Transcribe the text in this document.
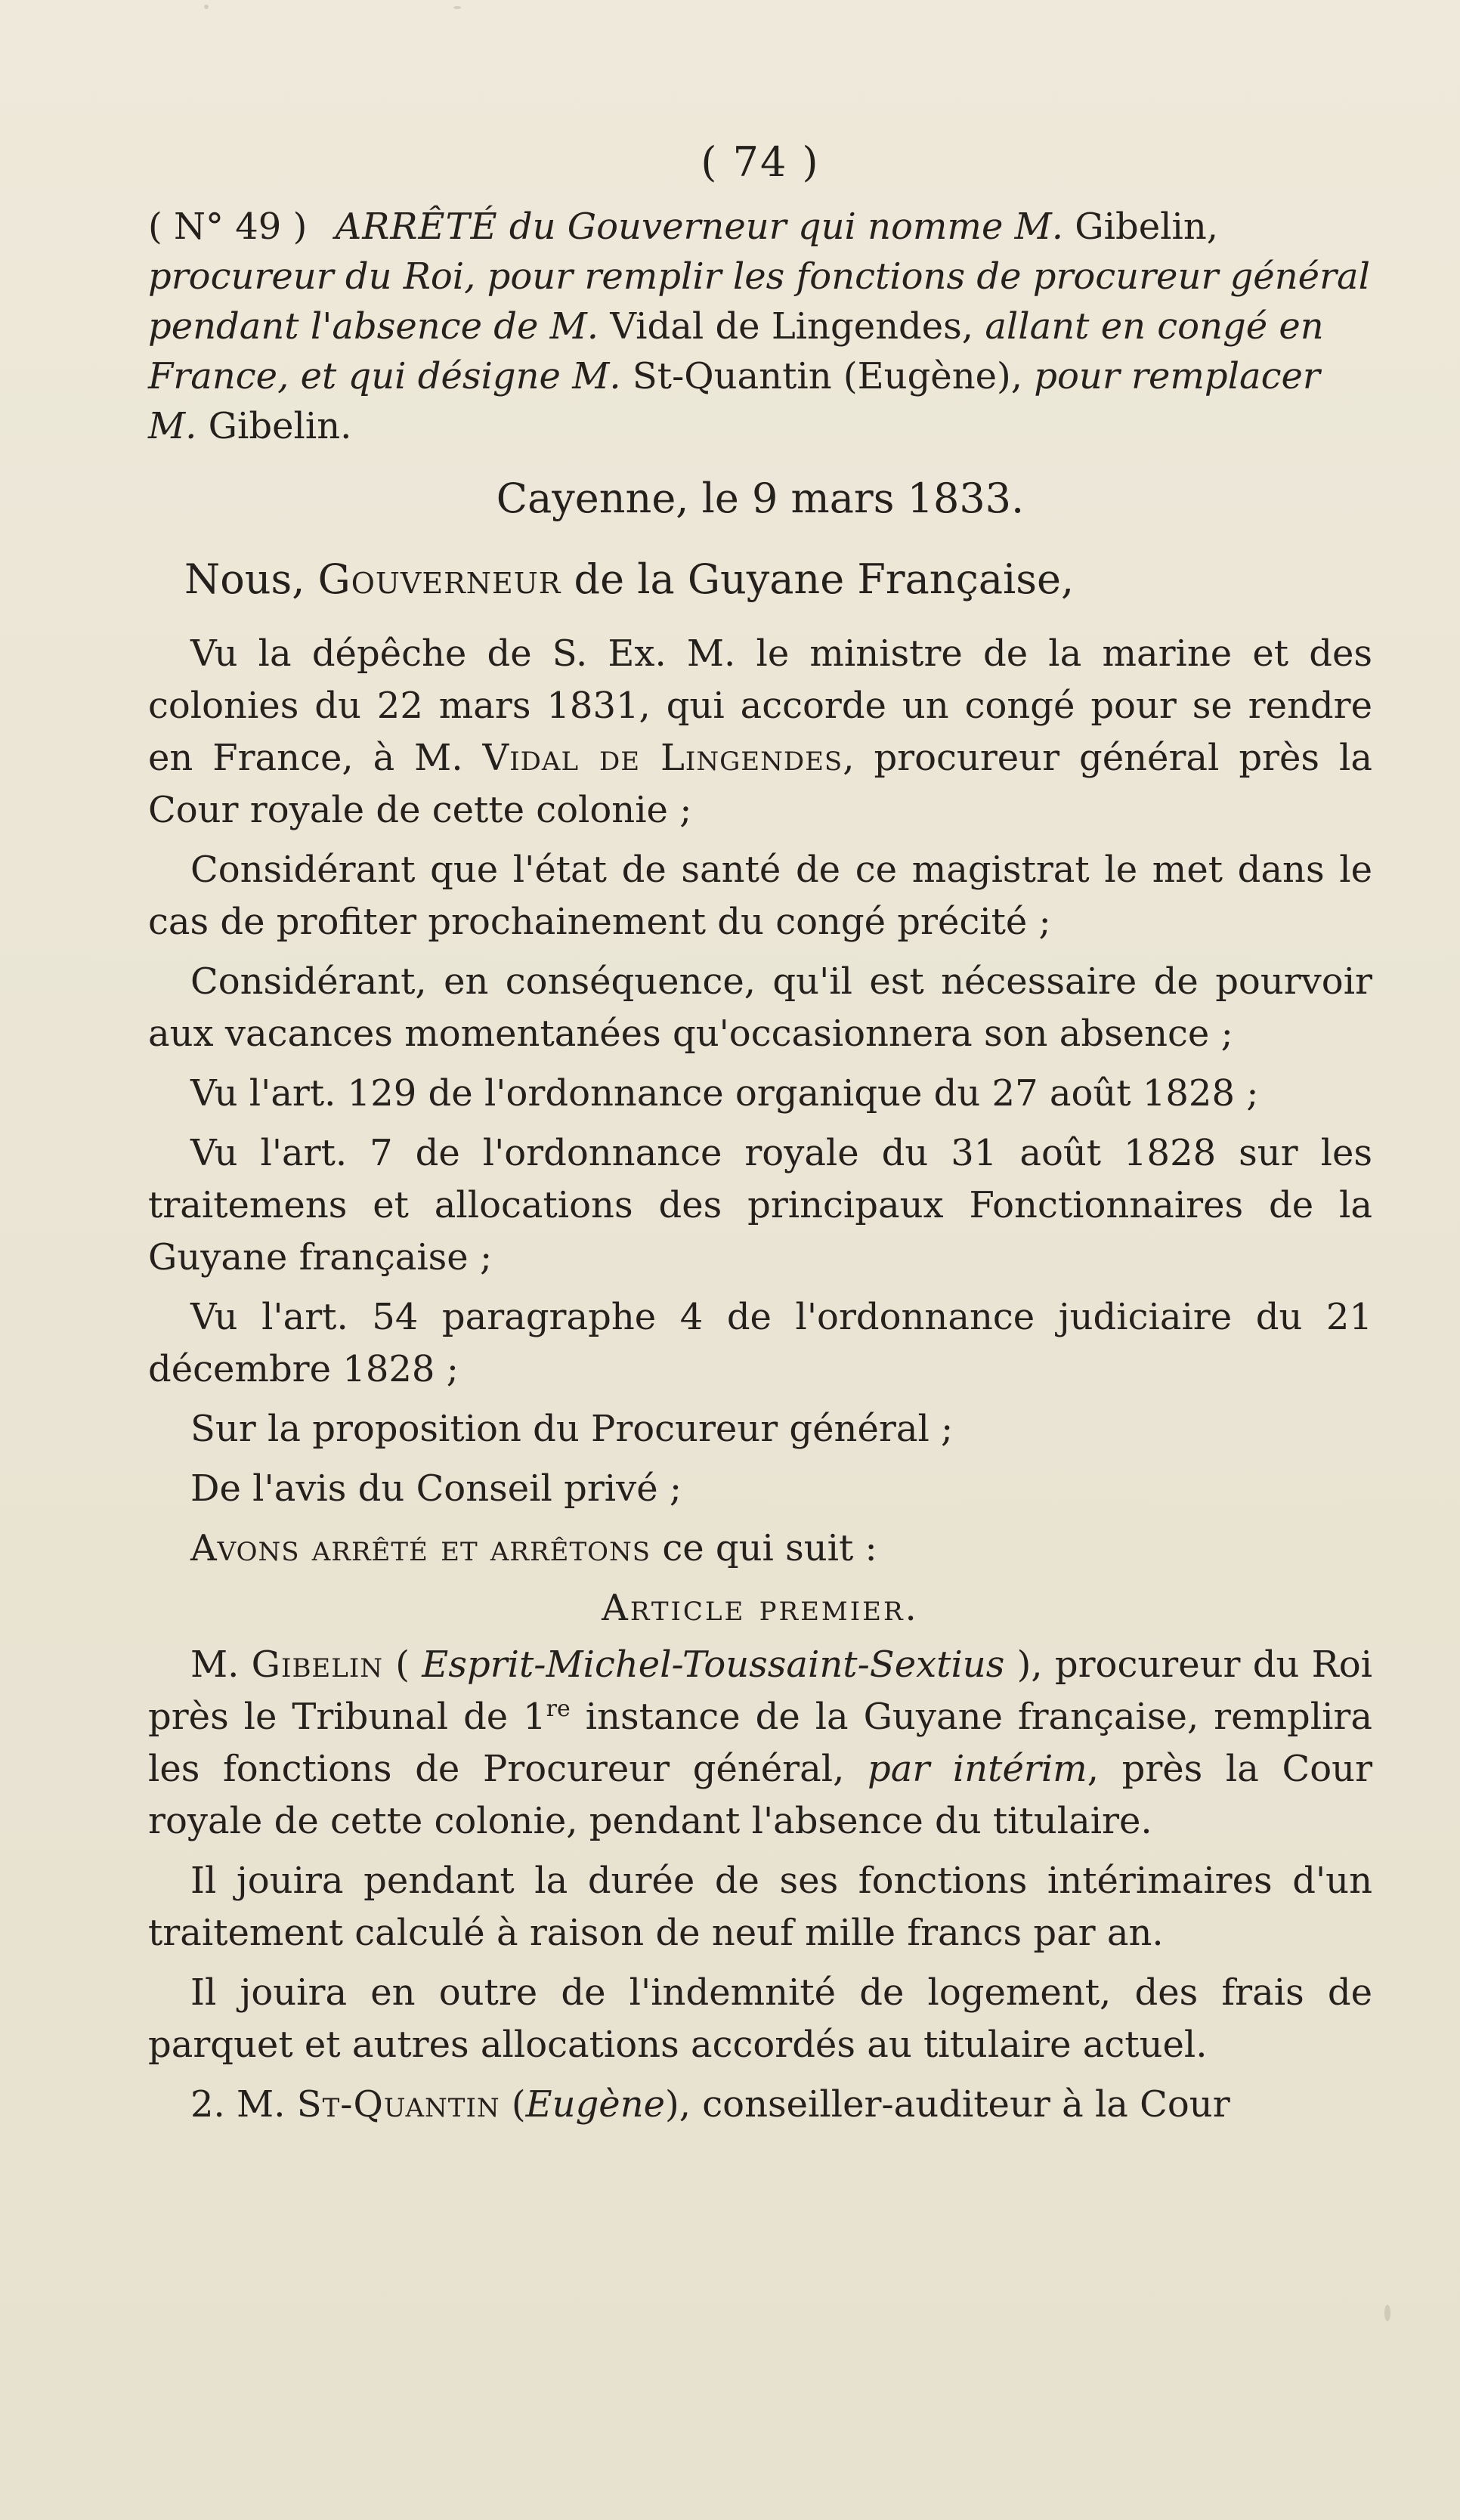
( 74 )
( N° 49 ) ARRÊTÉ du Gouverneur qui nomme M. Gibelin, procureur du Roi, pour remplir les fonctions de procureur général pendant l'absence de M. Vidal de Lingendes, allant en congé en France, et qui désigne M. St-Quantin (Eugène), pour remplacer M. Gibelin.
Cayenne, le 9 mars 1833.
Nous, Gouverneur de la Guyane Française,

Vu la dépêche de S. Ex. M. le ministre de la marine et des colonies du 22 mars 1831, qui accorde un congé pour se rendre en France, à M. Vidal de Lingendes, procureur général près la Cour royale de cette colonie ;

Considérant que l'état de santé de ce magistrat le met dans le cas de profiter prochainement du congé précité ;

Considérant, en conséquence, qu'il est nécessaire de pourvoir aux vacances momentanées qu'occasionnera son absence ;

Vu l'art. 129 de l'ordonnance organique du 27 août 1828 ;

Vu l'art. 7 de l'ordonnance royale du 31 août 1828 sur les traitemens et allocations des principaux Fonctionnaires de la Guyane française ;

Vu l'art. 54 paragraphe 4 de l'ordonnance judiciaire du 21 décembre 1828 ;

Sur la proposition du Procureur général ;

De l'avis du Conseil privé ;

Avons arrêté et arrêtons ce qui suit :

Article premier.

M. Gibelin ( Esprit-Michel-Toussaint-Sextius ), procureur du Roi près le Tribunal de 1re instance de la Guyane française, remplira les fonctions de Procureur général, par intérim, près la Cour royale de cette colonie, pendant l'absence du titulaire.

Il jouira pendant la durée de ses fonctions intérimaires d'un traitement calculé à raison de neuf mille francs par an.

Il jouira en outre de l'indemnité de logement, des frais de parquet et autres allocations accordés au titulaire actuel.

2. M. St-Quantin (Eugène), conseiller-auditeur à la Cour
